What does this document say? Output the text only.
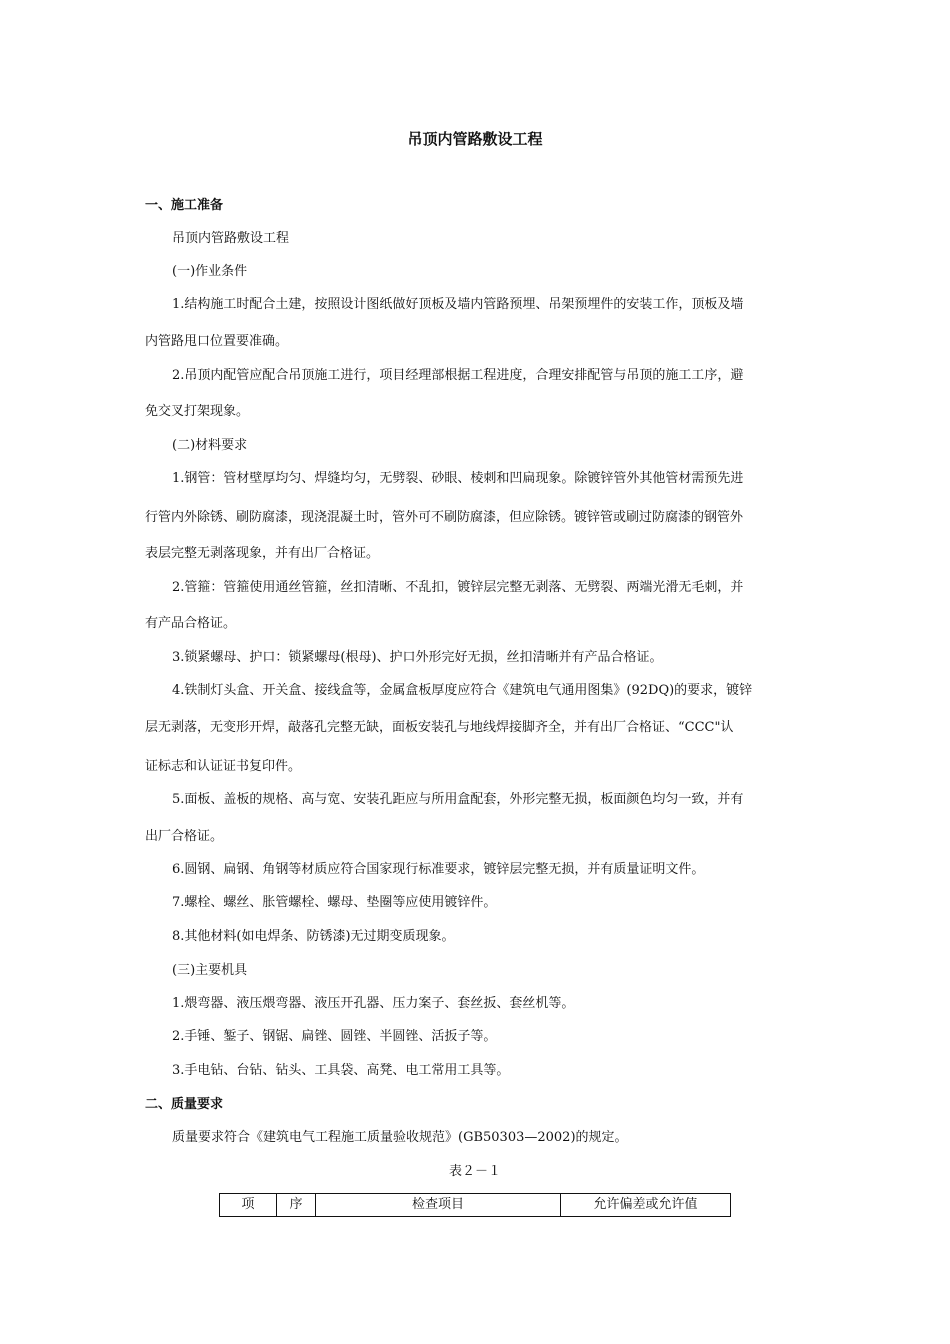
吊顶内管路敷设工程
一、施工准备
吊顶内管路敷设工程
(一)作业条件
1.结构施工时配合土建，按照设计图纸做好顶板及墙内管路预埋、吊架预埋件的安装工作，顶板及墙
内管路甩口位置要准确。
2.吊顶内配管应配合吊顶施工进行，项目经理部根据工程进度，合理安排配管与吊顶的施工工序，避
免交叉打架现象。
(二)材料要求
1.钢管：管材壁厚均匀、焊缝均匀，无劈裂、砂眼、棱刺和凹扁现象。除镀锌管外其他管材需预先进
行管内外除锈、刷防腐漆，现浇混凝土时，管外可不刷防腐漆，但应除锈。镀锌管或刷过防腐漆的钢管外
表层完整无剥落现象，并有出厂合格证。
2.管箍：管箍使用通丝管箍，丝扣清晰、不乱扣，镀锌层完整无剥落、无劈裂、两端光滑无毛刺，并
有产品合格证。
3.锁紧螺母、护口：锁紧螺母(根母)、护口外形完好无损，丝扣清晰并有产品合格证。
4.铁制灯头盒、开关盒、接线盒等，金属盒板厚度应符合《建筑电气通用图集》(92DQ)的要求，镀锌
层无剥落，无变形开焊，敲落孔完整无缺，面板安装孔与地线焊接脚齐全，并有出厂合格证、“CCC"认
证标志和认证证书复印件。
5.面板、盖板的规格、高与宽、安装孔距应与所用盒配套，外形完整无损，板面颜色均匀一致，并有
出厂合格证。
6.圆钢、扁钢、角钢等材质应符合国家现行标准要求，镀锌层完整无损，并有质量证明文件。
7.螺栓、螺丝、胀管螺栓、螺母、垫圈等应使用镀锌件。
8.其他材料(如电焊条、防锈漆)无过期变质现象。
(三)主要机具
1.煨弯器、液压煨弯器、液压开孔器、压力案子、套丝扳、套丝机等。
2.手锤、錾子、钢锯、扁锉、圆锉、半圆锉、活扳子等。
3.手电钻、台钻、钻头、工具袋、高凳、电工常用工具等。
二、质量要求
质量要求符合《建筑电气工程施工质量验收规范》(GB50303—2002)的规定。
表２－１
项	序	检查项目	允许偏差或允许值
